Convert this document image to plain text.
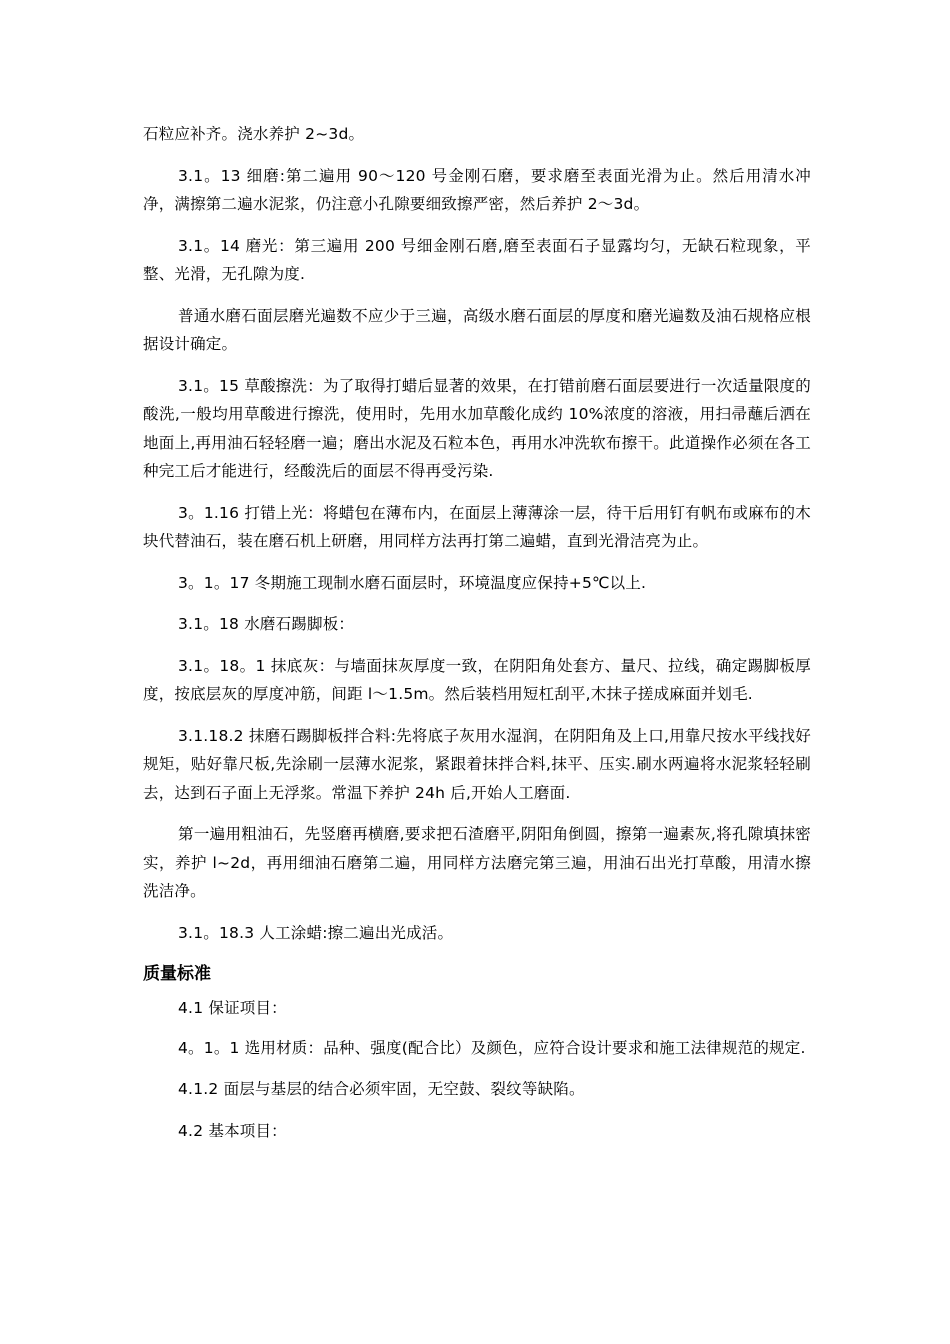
石粒应补齐。浇水养护 2~3d。

3.1。13 细磨:第二遍用 90～120 号金刚石磨，要求磨至表面光滑为止。然后用清水冲净，满擦第二遍水泥浆，仍注意小孔隙要细致擦严密，然后养护 2～3d。

3.1。14 磨光：第三遍用 200 号细金刚石磨,磨至表面石子显露均匀，无缺石粒现象，平整、光滑，无孔隙为度.

普通水磨石面层磨光遍数不应少于三遍，高级水磨石面层的厚度和磨光遍数及油石规格应根据设计确定。

3.1。15 草酸擦洗：为了取得打蜡后显著的效果，在打错前磨石面层要进行一次适量限度的酸洗,一般均用草酸进行擦洗，使用时，先用水加草酸化成约 10%浓度的溶液，用扫帚蘸后洒在地面上,再用油石轻轻磨一遍；磨出水泥及石粒本色，再用水冲洗软布擦干。此道操作必须在各工种完工后才能进行，经酸洗后的面层不得再受污染.

3。1.16 打错上光：将蜡包在薄布内，在面层上薄薄涂一层，待干后用钉有帆布或麻布的木块代替油石，装在磨石机上研磨，用同样方法再打第二遍蜡，直到光滑洁亮为止。

3。1。17 冬期施工现制水磨石面层时，环境温度应保持+5℃以上.

3.1。18 水磨石踢脚板：

3.1。18。1 抹底灰：与墙面抹灰厚度一致，在阴阳角处套方、量尺、拉线，确定踢脚板厚度，按底层灰的厚度冲筋，间距 l～1.5m。然后装档用短杠刮平,木抹子搓成麻面并划毛.

3.1.18.2 抹磨石踢脚板拌合料:先将底子灰用水湿润，在阴阳角及上口,用靠尺按水平线找好规矩，贴好靠尺板,先涂刷一层薄水泥浆，紧跟着抹拌合料,抹平、压实.刷水两遍将水泥浆轻轻刷去，达到石子面上无浮浆。常温下养护 24h 后,开始人工磨面.

第一遍用粗油石，先竖磨再横磨,要求把石渣磨平,阴阳角倒圆，擦第一遍素灰,将孔隙填抹密实，养护 l~2d，再用细油石磨第二遍，用同样方法磨完第三遍，用油石出光打草酸，用清水擦洗洁净。

3.1。18.3 人工涂蜡:擦二遍出光成活。

质量标准

4.1 保证项目：

4。1。1 选用材质：品种、强度(配合比）及颜色，应符合设计要求和施工法律规范的规定.

4.1.2 面层与基层的结合必须牢固，无空鼓、裂纹等缺陷。

4.2 基本项目：
